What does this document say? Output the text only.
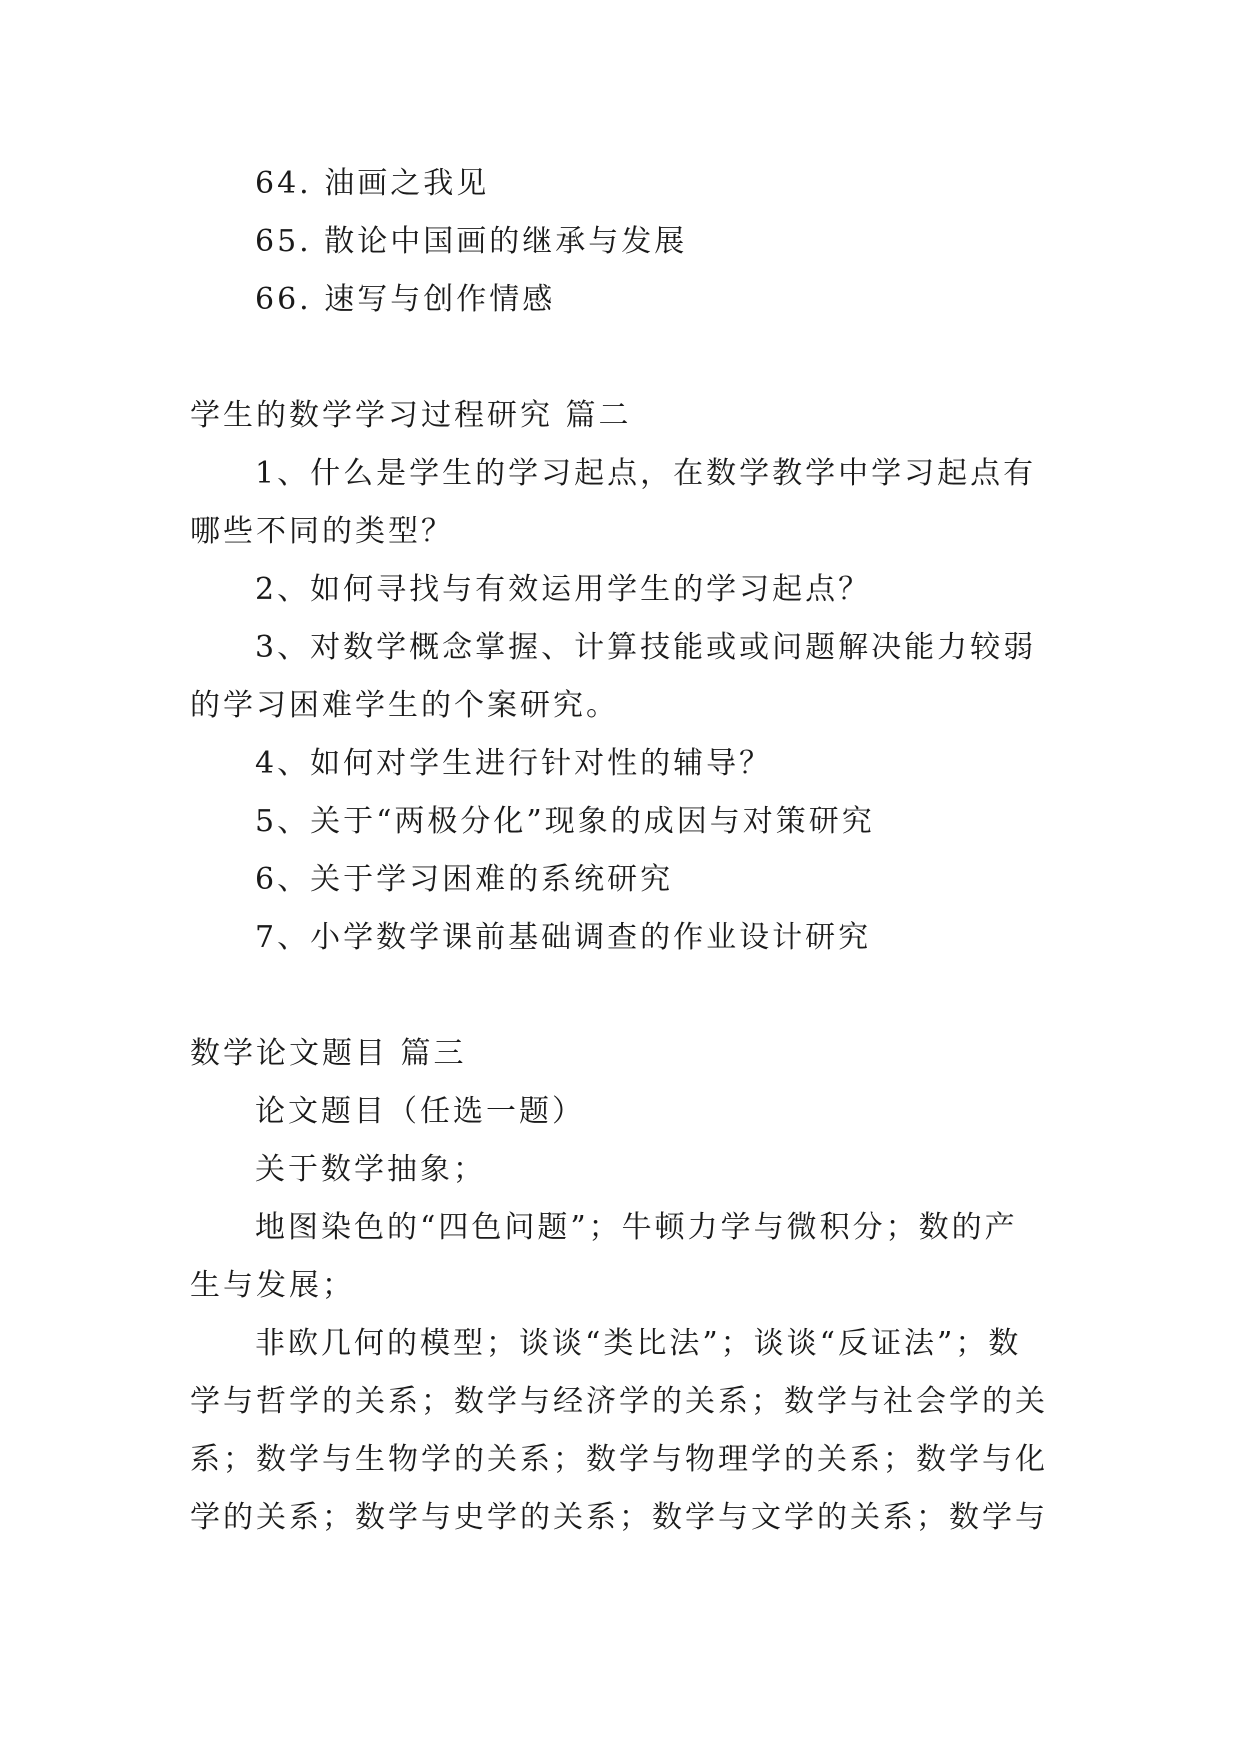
64. 油画之我见

65. 散论中国画的继承与发展

66. 速写与创作情感

学生的数学学习过程研究 篇二

1、什么是学生的学习起点，在数学教学中学习起点有哪些不同的类型？

2、如何寻找与有效运用学生的学习起点？

3、对数学概念掌握、计算技能或或问题解决能力较弱的学习困难学生的个案研究。

4、如何对学生进行针对性的辅导？

5、关于“两极分化”现象的成因与对策研究

6、关于学习困难的系统研究

7、小学数学课前基础调查的作业设计研究

数学论文题目 篇三

论文题目（任选一题）

关于数学抽象；

地图染色的“四色问题”；牛顿力学与微积分；数的产生与发展；

非欧几何的模型；谈谈“类比法”；谈谈“反证法”；数学与哲学的关系；数学与经济学的关系；数学与社会学的关系；数学与生物学的关系；数学与物理学的关系；数学与化学的关系；数学与史学的关系；数学与文学的关系；数学与
